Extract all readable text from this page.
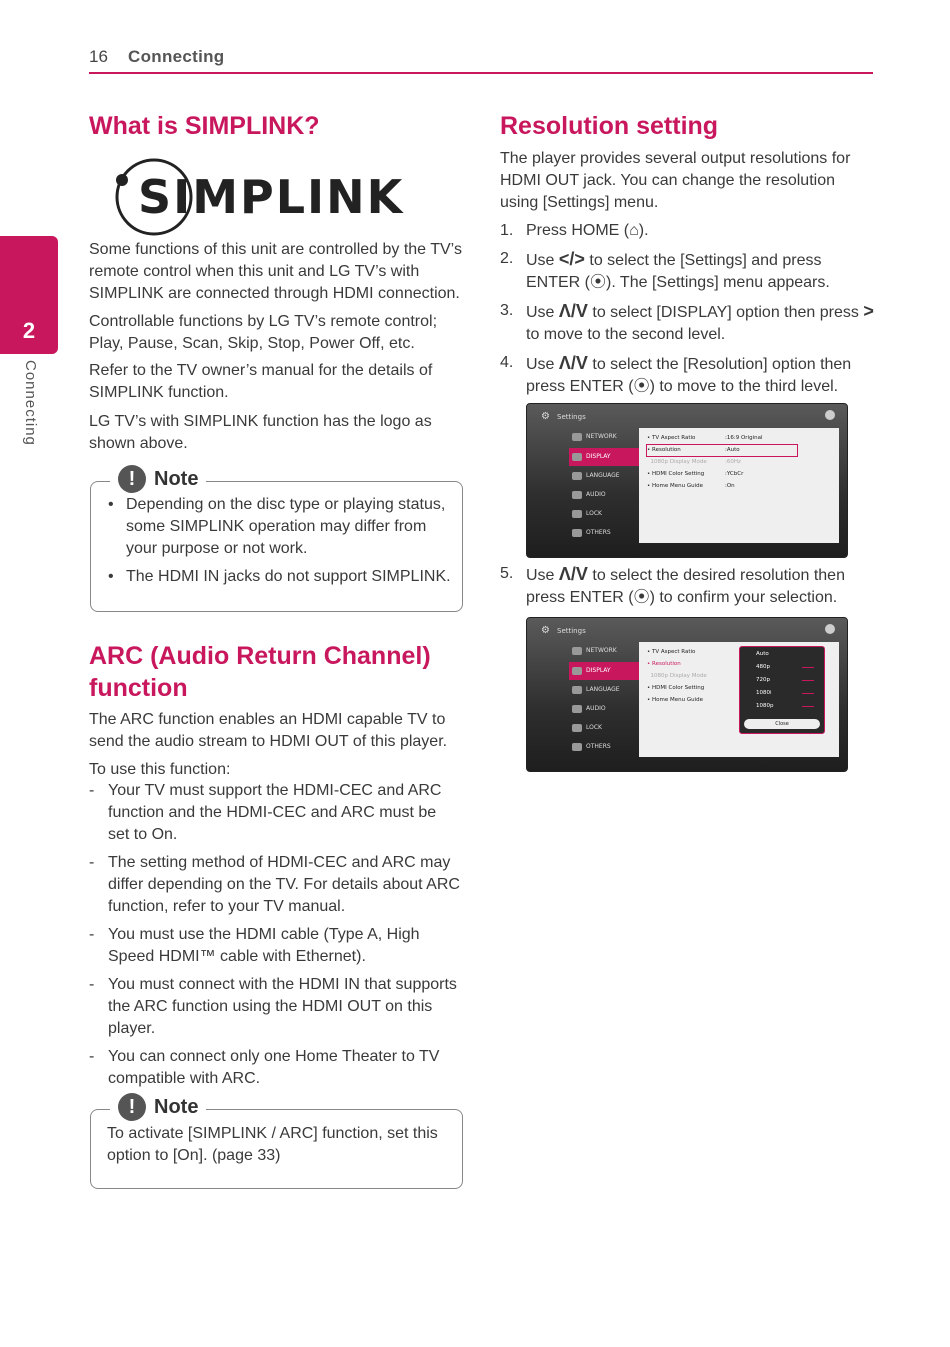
16 Connecting
2
Connecting
What is SIMPLINK?
SIMPLINK

Some functions of this unit are controlled by the TV’s remote control when this unit and LG TV’s with SIMPLINK are connected through HDMI connection.

Controllable functions by LG TV’s remote control; Play, Pause, Scan, Skip, Stop, Power Off, etc.

Refer to the TV owner’s manual for the details of SIMPLINK function.

LG TV’s with SIMPLINK function has the logo as shown above.

! Note
• Depending on the disc type or playing status, some SIMPLINK operation may differ from your purpose or not work.
• The HDMI IN jacks do not support SIMPLINK.
ARC (Audio Return Channel)
function

The ARC function enables an HDMI capable TV to send the audio stream to HDMI OUT of this player.

To use this function:

- Your TV must support the HDMI-CEC and ARC function and the HDMI-CEC and ARC must be set to On.
- The setting method of HDMI-CEC and ARC may differ depending on the TV. For details about ARC function, refer to your TV manual.
- You must use the HDMI cable (Type A, High Speed HDMI™ cable with Ethernet).
- You must connect with the HDMI IN that supports the ARC function using the HDMI OUT on this player.
- You can connect only one Home Theater to TV compatible with ARC.
! Note

To activate [SIMPLINK / ARC] function, set this option to [On]. (page 33)

Resolution setting

The player provides several output resolutions for HDMI OUT jack. You can change the resolution using [Settings] menu.

1. Press HOME (⌂).
2. Use </> to select the [Settings] and press ENTER (⦿). The [Settings] menu appears.
3. Use Λ/V to select [DISPLAY] option then press > to move to the second level.
4. Use Λ/V to select the [Resolution] option then press ENTER (⦿) to move to the third level.
⚙ Settings
NETWORK
DISPLAY
LANGUAGE
AUDIO
LOCK
OTHERS
• TV Aspect Ratio	:16:9 Original
• Resolution	:Auto
1080p Display Mode	:60Hz
• HDMI Color Setting	:YCbCr
• Home Menu Guide	:On
5. Use Λ/V to select the desired resolution then press ENTER (⦿) to confirm your selection.
⚙ Settings
NETWORK
DISPLAY
LANGUAGE
AUDIO
LOCK
OTHERS
• TV Aspect Ratio
• Resolution
1080p Display Mode
• HDMI Color Setting
• Home Menu Guide
Auto
480p
720p
1080i
1080p
Close
